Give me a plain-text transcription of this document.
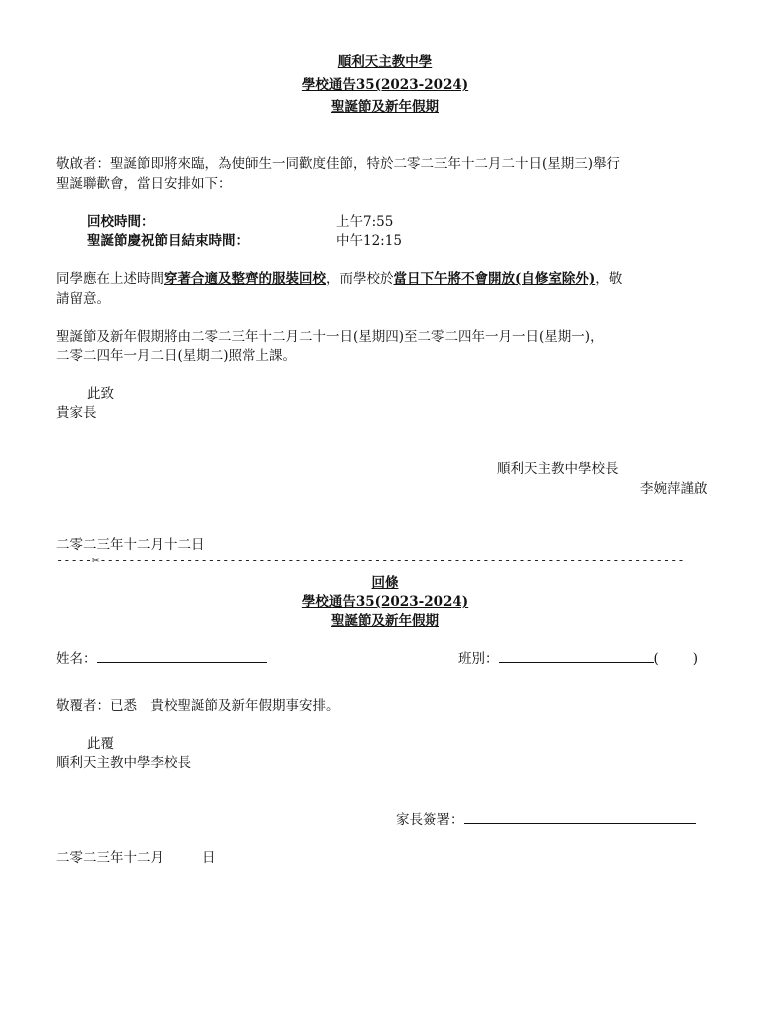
順利天主教中學
學校通告35(2023-2024)
聖誕節及新年假期
敬啟者：聖誕節即將來臨，為使師生一同歡度佳節，特於二零二三年十二月二十日(星期三)舉行
聖誕聯歡會，當日安排如下：
回校時間：	上午7:55
聖誕節慶祝節目結束時間：	中午12:15
同學應在上述時間穿著合適及整齊的服裝回校，而學校於當日下午將不會開放(自修室除外)，敬
請留意。
聖誕節及新年假期將由二零二三年十二月二十一日(星期四)至二零二四年一月一日(星期一)，
二零二四年一月二日(星期二)照常上課。
此致
貴家長
順利天主教中學校長
李婉萍謹啟
二零二三年十二月十二日
-----✂---------------------------------------------------------------------------------
回條
學校通告35(2023-2024)
聖誕節及新年假期
姓名：	班別：	(	)
敬覆者：已悉　貴校聖誕節及新年假期事安排。
此覆
順利天主教中學李校長
家長簽署：
二零二三年十二月	日
